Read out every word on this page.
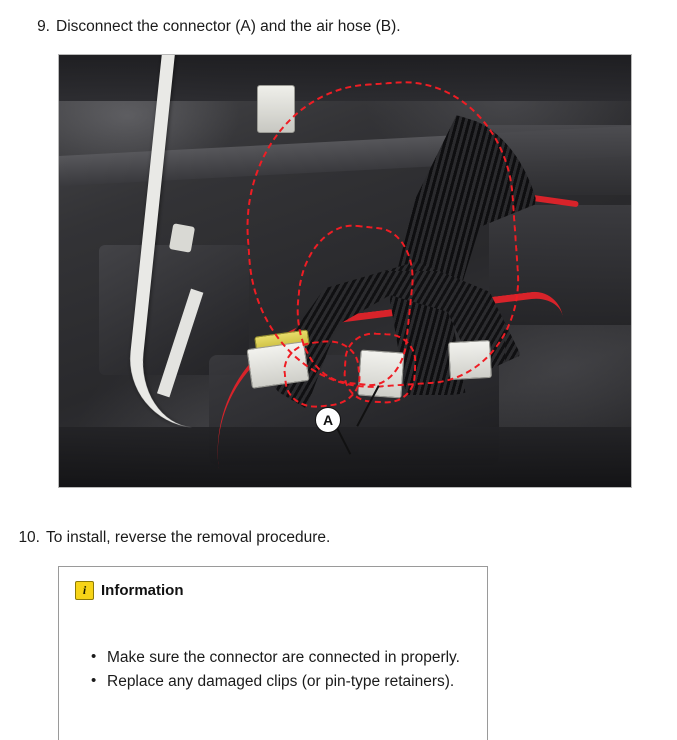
9. Disconnect the connector (A) and the air hose (B).
A
10. To install, reverse the removal procedure.
i Information
• Make sure the connector are connected in properly.
• Replace any damaged clips (or pin-type retainers).
